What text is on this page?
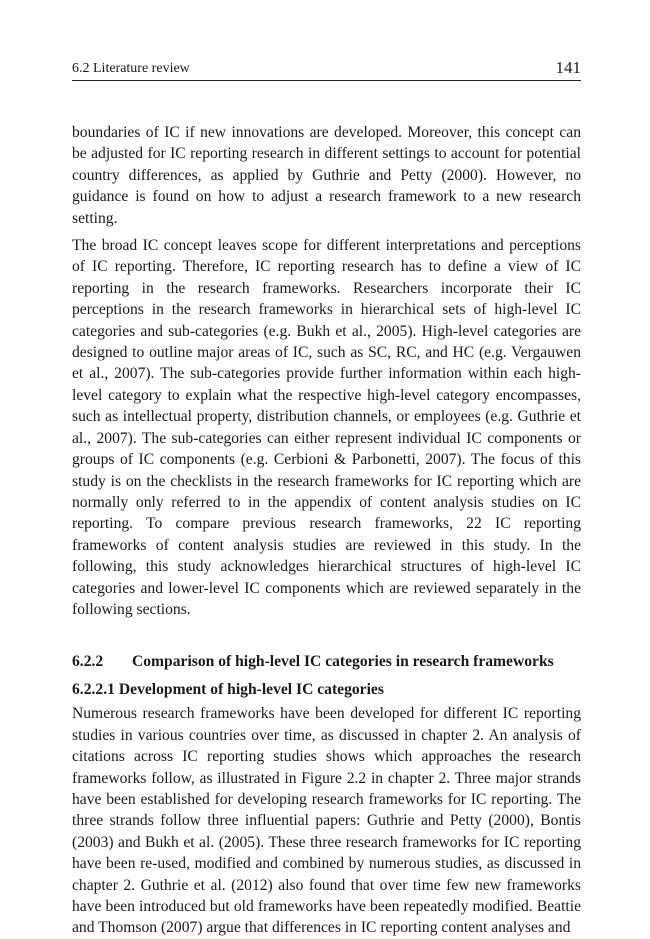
6.2 Literature review	141

boundaries of IC if new innovations are developed. Moreover, this concept can be adjusted for IC reporting research in different settings to account for potential country differences, as applied by Guthrie and Petty (2000). However, no guidance is found on how to adjust a research framework to a new research setting.

The broad IC concept leaves scope for different interpretations and perceptions of IC reporting. Therefore, IC reporting research has to define a view of IC reporting in the research frameworks. Researchers incorporate their IC perceptions in the research frameworks in hierarchical sets of high-level IC categories and sub-categories (e.g. Bukh et al., 2005). High-level categories are designed to outline major areas of IC, such as SC, RC, and HC (e.g. Vergauwen et al., 2007). The sub-categories provide further information within each high-level category to explain what the respective high-level category encompasses, such as intellectual property, distribution channels, or employees (e.g. Guthrie et al., 2007). The sub-categories can either represent individual IC components or groups of IC components (e.g. Cerbioni & Parbonetti, 2007). The focus of this study is on the checklists in the research frameworks for IC reporting which are normally only referred to in the appendix of content analysis studies on IC reporting. To compare previous research frameworks, 22 IC reporting frameworks of content analysis studies are reviewed in this study. In the following, this study acknowledges hierarchical structures of high-level IC categories and lower-level IC components which are reviewed separately in the following sections.

6.2.2 Comparison of high-level IC categories in research frameworks
6.2.2.1 Development of high-level IC categories

Numerous research frameworks have been developed for different IC reporting studies in various countries over time, as discussed in chapter 2. An analysis of citations across IC reporting studies shows which approaches the research frameworks follow, as illustrated in Figure 2.2 in chapter 2. Three major strands have been established for developing research frameworks for IC reporting. The three strands follow three influential papers: Guthrie and Petty (2000), Bontis (2003) and Bukh et al. (2005). These three research frameworks for IC reporting have been re-used, modified and combined by numerous studies, as discussed in chapter 2. Guthrie et al. (2012) also found that over time few new frameworks have been introduced but old frameworks have been repeatedly modified. Beattie and Thomson (2007) argue that differences in IC reporting content analyses and
